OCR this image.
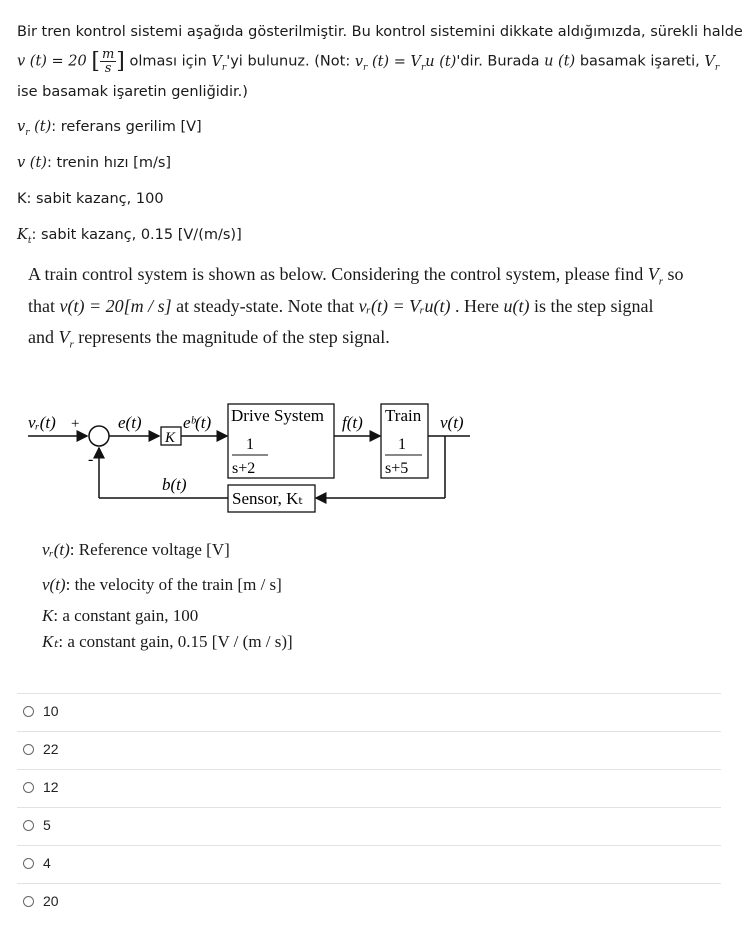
Bir tren kontrol sistemi aşağıda gösterilmiştir. Bu kontrol sistemini dikkate aldığımızda, sürekli halde
v (t) = 20 [ $\frac{m}{s}$ ] olması için $V_r'yi$ bulunuz. (Not: $v_r$ $(t) = V_ru$ (t)'dir. Burada u (t) basamak işareti, $V_r$
ise basamak işaretin genliğidir.)
$v_r$ (t): referans gerilim [V]
v (t): trenin hızı [m/s]
K: sabit kazanç, 100
$K_t$: sabit kazanç, 0.15 [V/(m/s)]
A train control system is shown as below. Considering the control system, please find $V_r$ so
that v(t) = 20[m / s] at steady-state. Note that vᵣ(t) = Vᵣu(t) . Here u(t) is the step signal
and $V_r$ represents the magnitude of the step signal.
vᵣ(t) +
-
e(t)
K
eᵇ(t) Drive System
1
s+2
f(t) Train
1
s+5
v(t)
Sensor, Kₜ
b(t)
vᵣ(t): Reference voltage [V]
v(t): the velocity of the train [m / s]
K: a constant gain, 100
Kₜ: a constant gain, 0.15 [V / (m / s)]
10
22
12
5
4
20
